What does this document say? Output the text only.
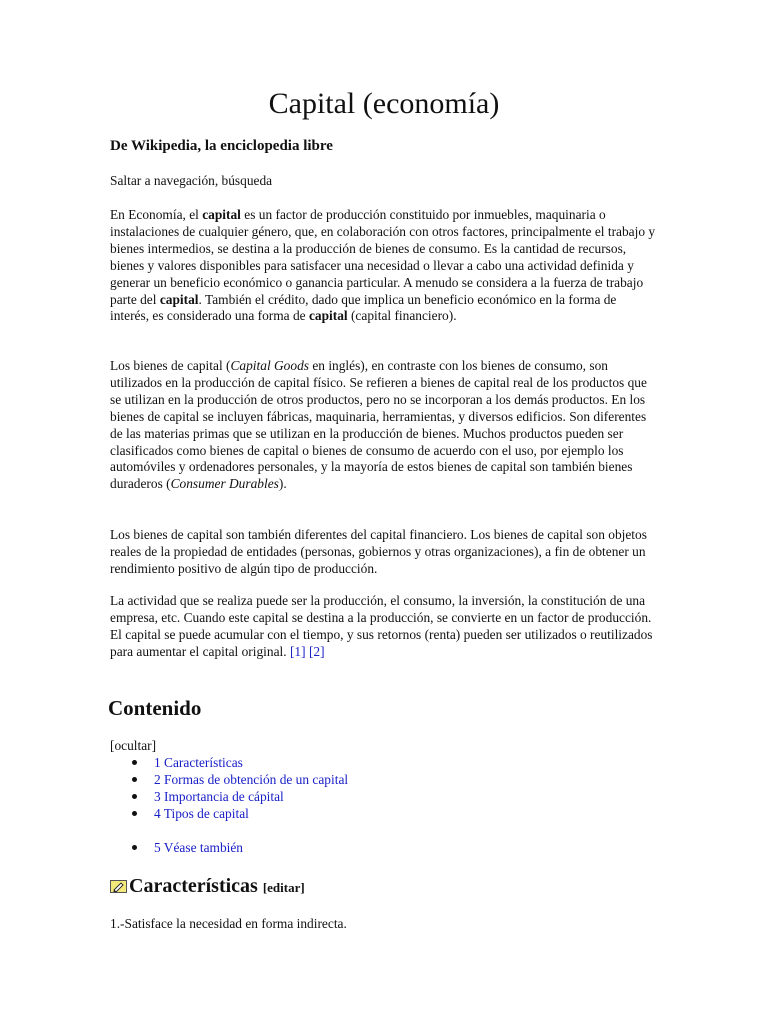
Capital (economía)

De Wikipedia, la enciclopedia libre

Saltar a navegación, búsqueda

En Economía, el capital es un factor de producción constituido por inmuebles, maquinaria o instalaciones de cualquier género, que, en colaboración con otros factores, principalmente el trabajo y bienes intermedios, se destina a la producción de bienes de consumo. Es la cantidad de recursos, bienes y valores disponibles para satisfacer una necesidad o llevar a cabo una actividad definida y generar un beneficio económico o ganancia particular. A menudo se considera a la fuerza de trabajo parte del capital. También el crédito, dado que implica un beneficio económico en la forma de interés, es considerado una forma de capital (capital financiero).

Los bienes de capital (Capital Goods en inglés), en contraste con los bienes de consumo, son utilizados en la producción de capital físico. Se refieren a bienes de capital real de los productos que se utilizan en la producción de otros productos, pero no se incorporan a los demás productos. En los bienes de capital se incluyen fábricas, maquinaria, herramientas, y diversos edificios. Son diferentes de las materias primas que se utilizan en la producción de bienes. Muchos productos pueden ser clasificados como bienes de capital o bienes de consumo de acuerdo con el uso, por ejemplo los automóviles y ordenadores personales, y la mayoría de estos bienes de capital son también bienes duraderos (Consumer Durables).

Los bienes de capital son también diferentes del capital financiero. Los bienes de capital son objetos reales de la propiedad de entidades (personas, gobiernos y otras organizaciones), a fin de obtener un rendimiento positivo de algún tipo de producción.

La actividad que se realiza puede ser la producción, el consumo, la inversión, la constitución de una empresa, etc. Cuando este capital se destina a la producción, se convierte en un factor de producción. El capital se puede acumular con el tiempo, y sus retornos (renta) pueden ser utilizados o reutilizados para aumentar el capital original. [1] [2]

Contenido
[ocultar]
1 Características
2 Formas de obtención de un capital
3 Importancia de cápital
4 Tipos de capital
5 Véase también
Características [editar]

1.-Satisface la necesidad en forma indirecta.
